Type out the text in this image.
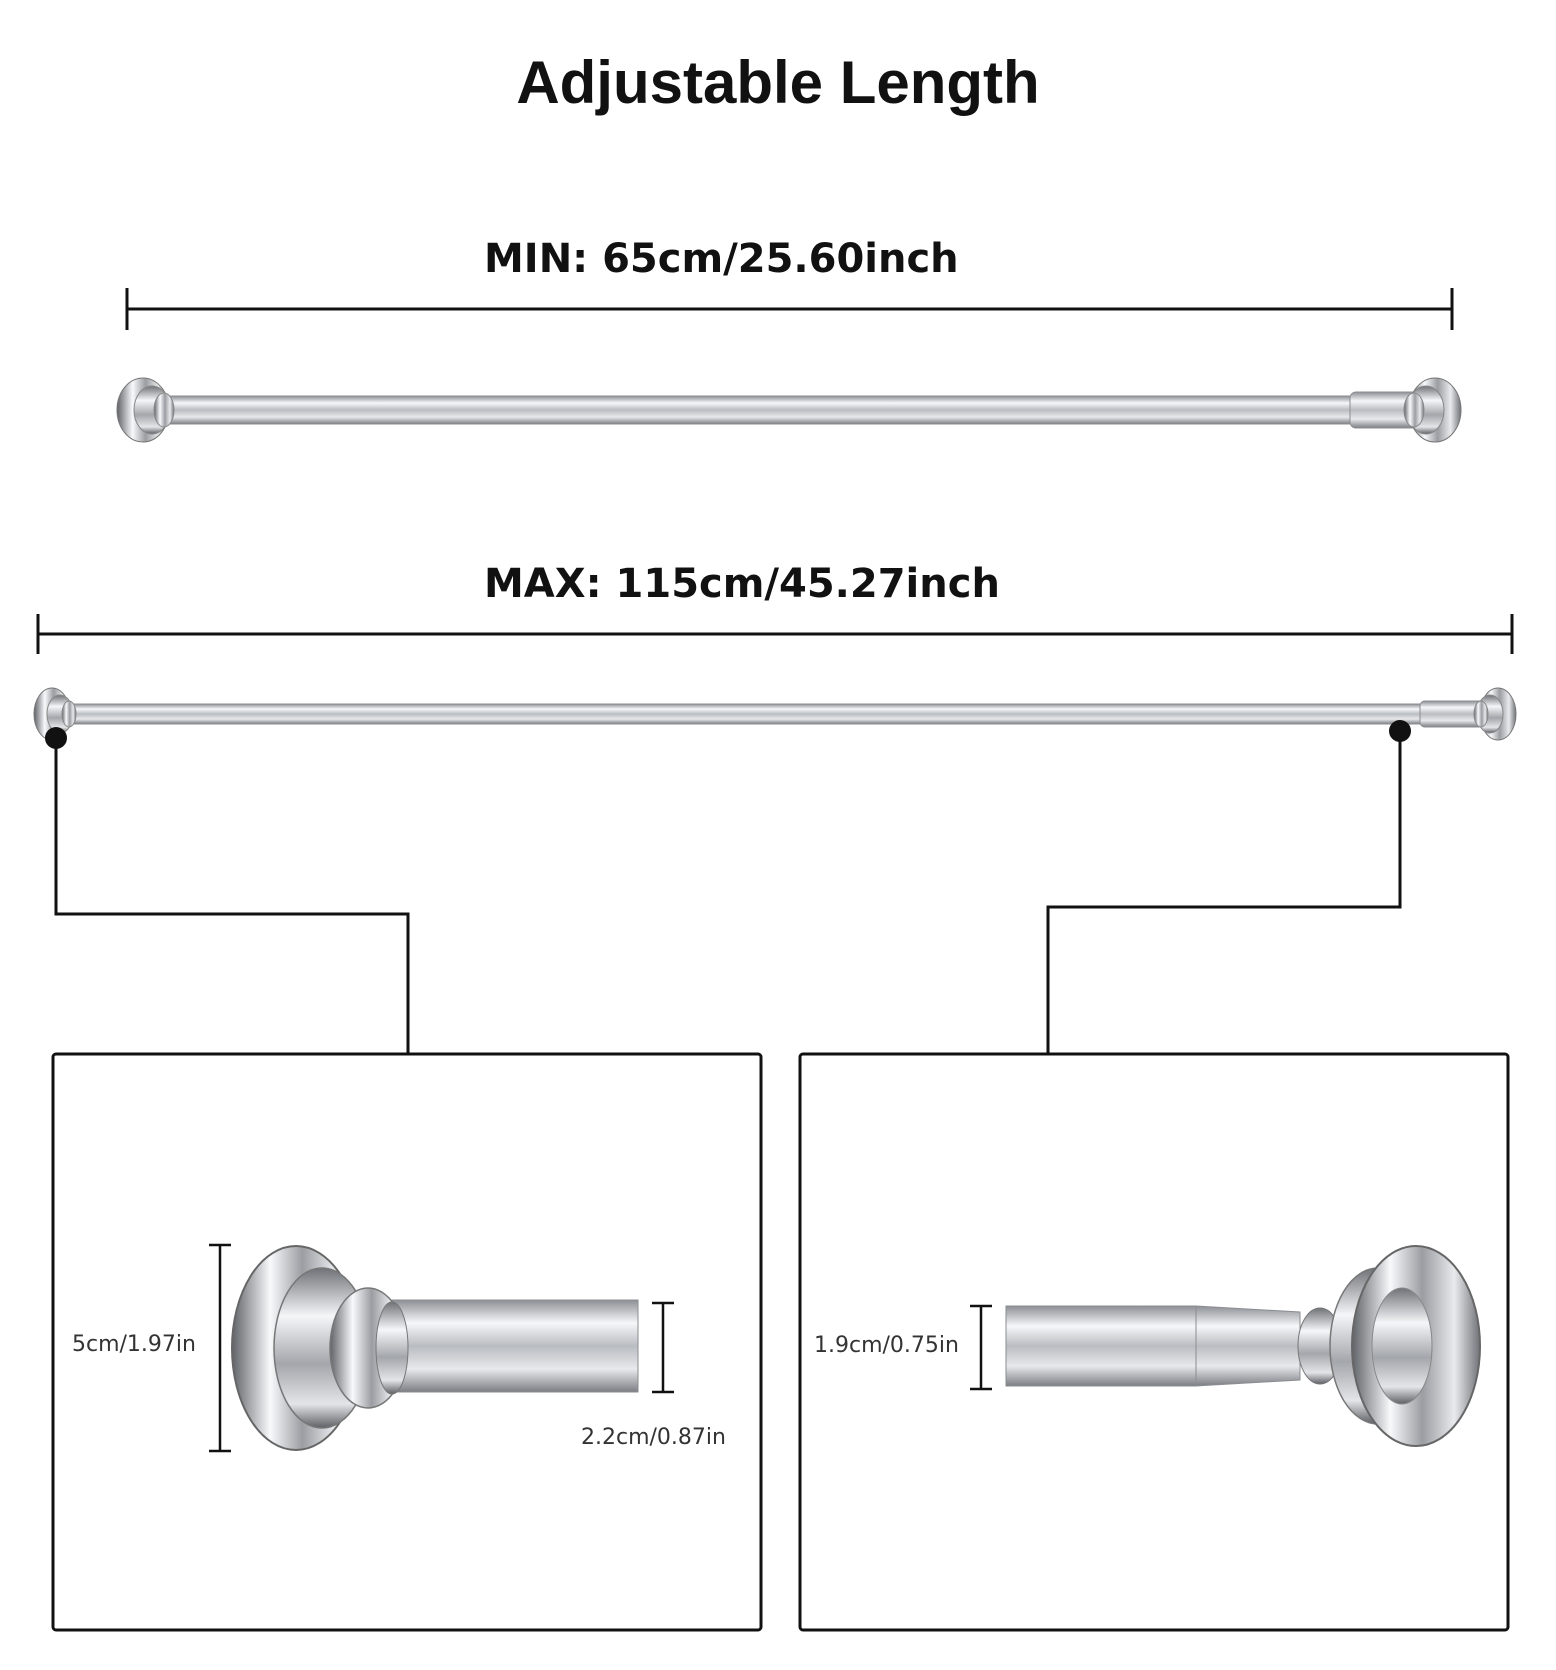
Adjustable Length
MIN: 65cm/25.60inch
MAX: 115cm/45.27inch
5cm/1.97in
2.2cm/0.87in
1.9cm/0.75in
